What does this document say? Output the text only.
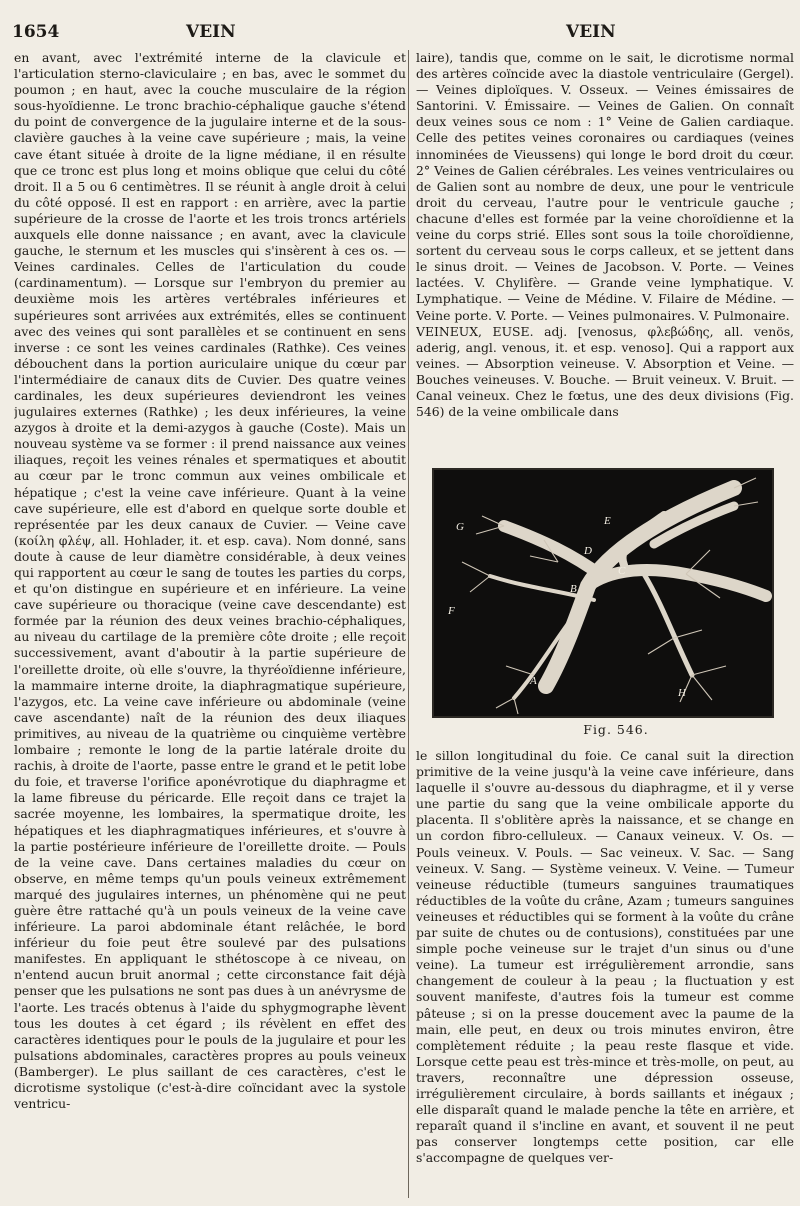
1654	VEIN	VEIN

en avant, avec l'extrémité interne de la clavicule et l'articulation sterno-claviculaire ; en bas, avec le sommet du poumon ; en haut, avec la couche musculaire de la région sous-hyoïdienne. Le tronc brachio-céphalique gauche s'étend du point de convergence de la jugulaire interne et de la sous-clavière gauches à la veine cave supérieure ; mais, la veine cave étant située à droite de la ligne médiane, il en résulte que ce tronc est plus long et moins oblique que celui du côté droit. Il a 5 ou 6 centimètres. Il se réunit à angle droit à celui du côté opposé. Il est en rapport : en arrière, avec la partie supérieure de la crosse de l'aorte et les trois troncs artériels auxquels elle donne naissance ; en avant, avec la clavicule gauche, le sternum et les muscles qui s'insèrent à ces os. — Veines cardinales. Celles de l'articulation du coude (cardinamentum). — Lorsque sur l'embryon du premier au deuxième mois les artères vertébrales inférieures et supérieures sont arrivées aux extrémités, elles se continuent avec des veines qui sont parallèles et se continuent en sens inverse : ce sont les veines cardinales (Rathke). Ces veines débouchent dans la portion auriculaire unique du cœur par l'intermédiaire de canaux dits de Cuvier. Des quatre veines cardinales, les deux supérieures deviendront les veines jugulaires externes (Rathke) ; les deux inférieures, la veine azygos à droite et la demi-azygos à gauche (Coste). Mais un nouveau système va se former : il prend naissance aux veines iliaques, reçoit les veines rénales et spermatiques et aboutit au cœur par le tronc commun aux veines ombilicale et hépatique ; c'est la veine cave inférieure. Quant à la veine cave supérieure, elle est d'abord en quelque sorte double et représentée par les deux canaux de Cuvier. — Veine cave (κοίλη φλέψ, all. Hohlader, it. et esp. cava). Nom donné, sans doute à cause de leur diamètre considérable, à deux veines qui rapportent au cœur le sang de toutes les parties du corps, et qu'on distingue en supérieure et en inférieure. La veine cave supérieure ou thoracique (veine cave descendante) est formée par la réunion des deux veines brachio-céphaliques, au niveau du cartilage de la première côte droite ; elle reçoit successivement, avant d'aboutir à la partie supérieure de l'oreillette droite, où elle s'ouvre, la thyréoïdienne inférieure, la mammaire interne droite, la diaphragmatique supérieure, l'azygos, etc. La veine cave inférieure ou abdominale (veine cave ascendante) naît de la réunion des deux iliaques primitives, au niveau de la quatrième ou cinquième vertèbre lombaire ; remonte le long de la partie latérale droite du rachis, à droite de l'aorte, passe entre le grand et le petit lobe du foie, et traverse l'orifice aponévrotique du diaphragme et la lame fibreuse du péricarde. Elle reçoit dans ce trajet la sacrée moyenne, les lombaires, la spermatique droite, les hépatiques et les diaphragmatiques inférieures, et s'ouvre à la partie postérieure inférieure de l'oreillette droite. — Pouls de la veine cave. Dans certaines maladies du cœur on observe, en même temps qu'un pouls veineux extrêmement marqué des jugulaires internes, un phénomène qui ne peut guère être rattaché qu'à un pouls veineux de la veine cave inférieure. La paroi abdominale étant relâchée, le bord inférieur du foie peut être soulevé par des pulsations manifestes. En appliquant le sthétoscope à ce niveau, on n'entend aucun bruit anormal ; cette circonstance fait déjà penser que les pulsations ne sont pas dues à un anévrysme de l'aorte. Les tracés obtenus à l'aide du sphygmographe lèvent tous les doutes à cet égard ; ils révèlent en effet des caractères identiques pour le pouls de la jugulaire et pour les pulsations abdominales, caractères propres au pouls veineux (Bamberger). Le plus saillant de ces caractères, c'est le dicrotisme systolique (c'est-à-dire coïncidant avec la systole ventricu-

laire), tandis que, comme on le sait, le dicrotisme normal des artères coïncide avec la diastole ventriculaire (Gergel). — Veines diploïques. V. Osseux. — Veines émissaires de Santorini. V. Émissaire. — Veines de Galien. On connaît deux veines sous ce nom : 1° Veine de Galien cardiaque. Celle des petites veines coronaires ou cardiaques (veines innominées de Vieussens) qui longe le bord droit du cœur. 2° Veines de Galien cérébrales. Les veines ventriculaires ou de Galien sont au nombre de deux, une pour le ventricule droit du cerveau, l'autre pour le ventricule gauche ; chacune d'elles est formée par la veine choroïdienne et la veine du corps strié. Elles sont sous la toile choroïdienne, sortent du cerveau sous le corps calleux, et se jettent dans le sinus droit. — Veines de Jacobson. V. Porte. — Veines lactées. V. Chylifère. — Grande veine lymphatique. V. Lymphatique. — Veine de Médine. V. Filaire de Médine. — Veine porte. V. Porte. — Veines pulmonaires. V. Pulmonaire.

VEINEUX, EUSE. adj. [venosus, φλεβώδης, all. venös, aderig, angl. venous, it. et esp. venoso]. Qui a rapport aux veines. — Absorption veineuse. V. Absorption et Veine. — Bouches veineuses. V. Bouche. — Bruit veineux. V. Bruit. — Canal veineux. Chez le fœtus, une des deux divisions (Fig. 546) de la veine ombilicale dans

A
B
C
D
E
F
G
H
Fig. 546.

le sillon longitudinal du foie. Ce canal suit la direction primitive de la veine jusqu'à la veine cave inférieure, dans laquelle il s'ouvre au-dessous du diaphragme, et il y verse une partie du sang que la veine ombilicale apporte du placenta. Il s'oblitère après la naissance, et se change en un cordon fibro-celluleux. — Canaux veineux. V. Os. — Pouls veineux. V. Pouls. — Sac veineux. V. Sac. — Sang veineux. V. Sang. — Système veineux. V. Veine. — Tumeur veineuse réductible (tumeurs sanguines traumatiques réductibles de la voûte du crâne, Azam ; tumeurs sanguines veineuses et réductibles qui se forment à la voûte du crâne par suite de chutes ou de contusions), constituées par une simple poche veineuse sur le trajet d'un sinus ou d'une veine). La tumeur est irrégulièrement arrondie, sans changement de couleur à la peau ; la fluctuation y est souvent manifeste, d'autres fois la tumeur est comme pâteuse ; si on la presse doucement avec la paume de la main, elle peut, en deux ou trois minutes environ, être complètement réduite ; la peau reste flasque et vide. Lorsque cette peau est très-mince et très-molle, on peut, au travers, reconnaître une dépression osseuse, irrégulièrement circulaire, à bords saillants et inégaux ; elle disparaît quand le malade penche la tête en arrière, et reparaît quand il s'incline en avant, et souvent il ne peut pas conserver longtemps cette position, car elle s'accompagne de quelques ver-
